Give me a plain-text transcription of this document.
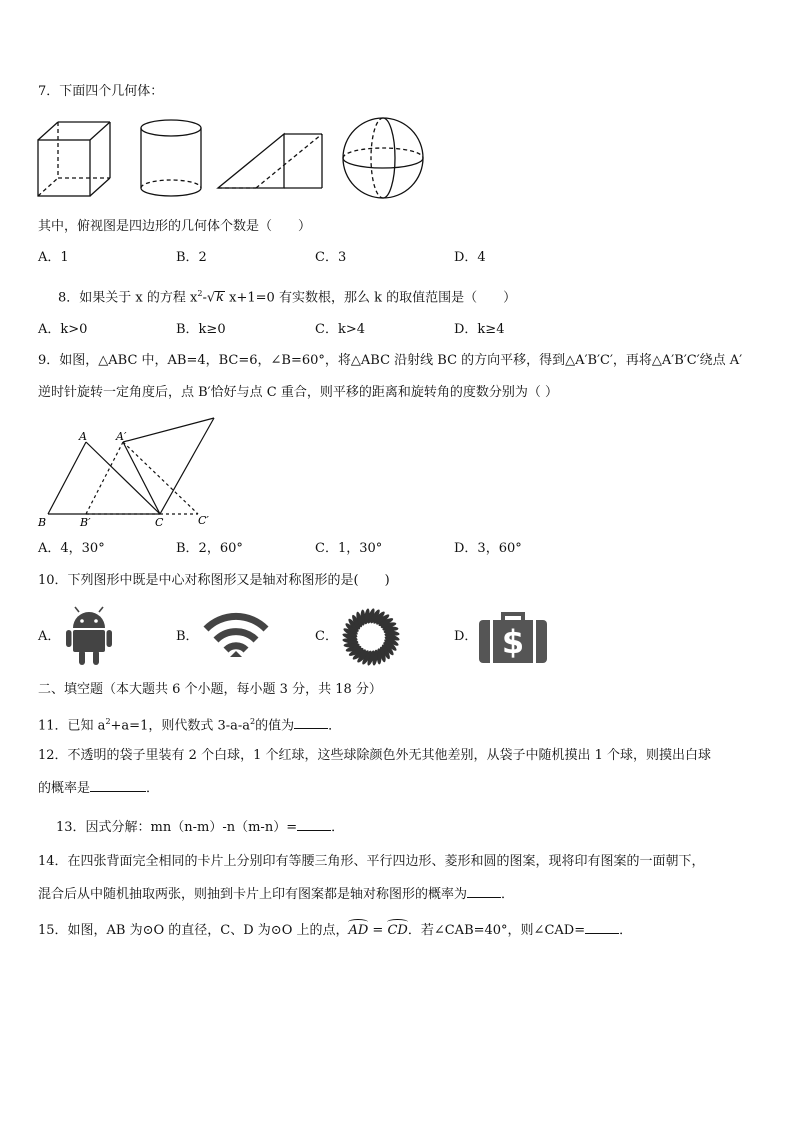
7．下面四个几何体：
其中，俯视图是四边形的几何体个数是（　　）
A．1	B．2	C．3	D．4
8．如果关于 x 的方程 $x^2-√k$ x+1=0 有实数根，那么 k 的取值范围是（　　）
A．k>0	B．k≥0	C．k>4	D．k≥4
9．如图，△ABC 中，AB=4，BC=6，∠B=60°，将△ABC 沿射线 BC 的方向平移，得到△A′B′C′，再将△A′B′C′绕点 A′
逆时针旋转一定角度后，点 B′恰好与点 C 重合，则平移的距离和旋转角的度数分别为（ ）
A	A′
B	B′	C	C′
A．4，30°	B．2，60°	C．1，30°	D．3，60°
10．下列图形中既是中心对称图形又是轴对称图形的是(　　)
A．	B．	C．	D． $
二、填空题（本大题共 6 个小题，每小题 3 分，共 18 分）
11．已知 $a^2+a=1$，则代数式 $3-a-a^2$的值为	．
12．不透明的袋子里装有 2 个白球，1 个红球，这些球除颜色外无其他差别，从袋子中随机摸出 1 个球，则摸出白球
的概率是	．
13．因式分解：mn（n-m）-n（m-n）=	．
14．在四张背面完全相同的卡片上分别印有等腰三角形、平行四边形、菱形和圆的图案，现将印有图案的一面朝下，
混合后从中随机抽取两张，则抽到卡片上印有图案都是轴对称图形的概率为	．
15．如图，AB 为⊙O 的直径，C、D 为⊙O 上的点，AD = CD．若∠CAB=40°，则∠CAD=	．
